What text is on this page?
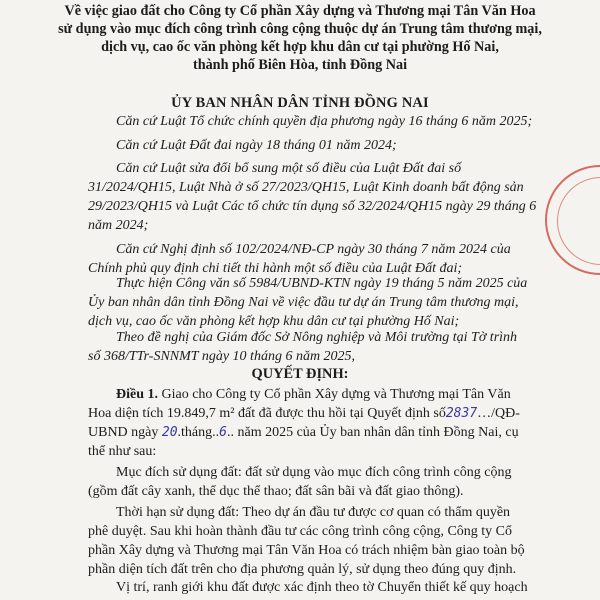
Về việc giao đất cho Công ty Cổ phần Xây dựng và Thương mại Tân Văn Hoa
sử dụng vào mục đích công trình công cộng thuộc dự án Trung tâm thương mại,
dịch vụ, cao ốc văn phòng kết hợp khu dân cư tại phường Hố Nai,
thành phố Biên Hòa, tỉnh Đồng Nai
ỦY BAN NHÂN DÂN TỈNH ĐỒNG NAI
Căn cứ Luật Tổ chức chính quyền địa phương ngày 16 tháng 6 năm 2025;
Căn cứ Luật Đất đai ngày 18 tháng 01 năm 2024;
Căn cứ Luật sửa đổi bổ sung một số điều của Luật Đất đai số
31/2024/QH15, Luật Nhà ở số 27/2023/QH15, Luật Kinh doanh bất động sản
29/2023/QH15 và Luật Các tổ chức tín dụng số 32/2024/QH15 ngày 29 tháng 6
năm 2024;
Căn cứ Nghị định số 102/2024/NĐ-CP ngày 30 tháng 7 năm 2024 của
Chính phủ quy định chi tiết thi hành một số điều của Luật Đất đai;
Thực hiện Công văn số 5984/UBND-KTN ngày 19 tháng 5 năm 2025 của
Ủy ban nhân dân tỉnh Đồng Nai về việc đầu tư dự án Trung tâm thương mại,
dịch vụ, cao ốc văn phòng kết hợp khu dân cư tại phường Hố Nai;
Theo đề nghị của Giám đốc Sở Nông nghiệp và Môi trường tại Tờ trình
số 368/TTr-SNNMT ngày 10 tháng 6 năm 2025,
QUYẾT ĐỊNH:
Điều 1. Giao cho Công ty Cổ phần Xây dựng và Thương mại Tân Văn
Hoa diện tích 19.849,7 m² đất đã được thu hồi tại Quyết định số2837…/QĐ-
UBND ngày 20.tháng..6.. năm 2025 của Ủy ban nhân dân tỉnh Đồng Nai, cụ
thể như sau:
Mục đích sử dụng đất: đất sử dụng vào mục đích công trình công cộng
(gồm đất cây xanh, thể dục thể thao; đất sân bãi và đất giao thông).
Thời hạn sử dụng đất: Theo dự án đầu tư được cơ quan có thẩm quyền
phê duyệt. Sau khi hoàn thành đầu tư các công trình công cộng, Công ty Cổ
phần Xây dựng và Thương mại Tân Văn Hoa có trách nhiệm bàn giao toàn bộ
phần diện tích đất trên cho địa phương quản lý, sử dụng theo đúng quy định.
Vị trí, ranh giới khu đất được xác định theo tờ Chuyển thiết kế quy hoạch
